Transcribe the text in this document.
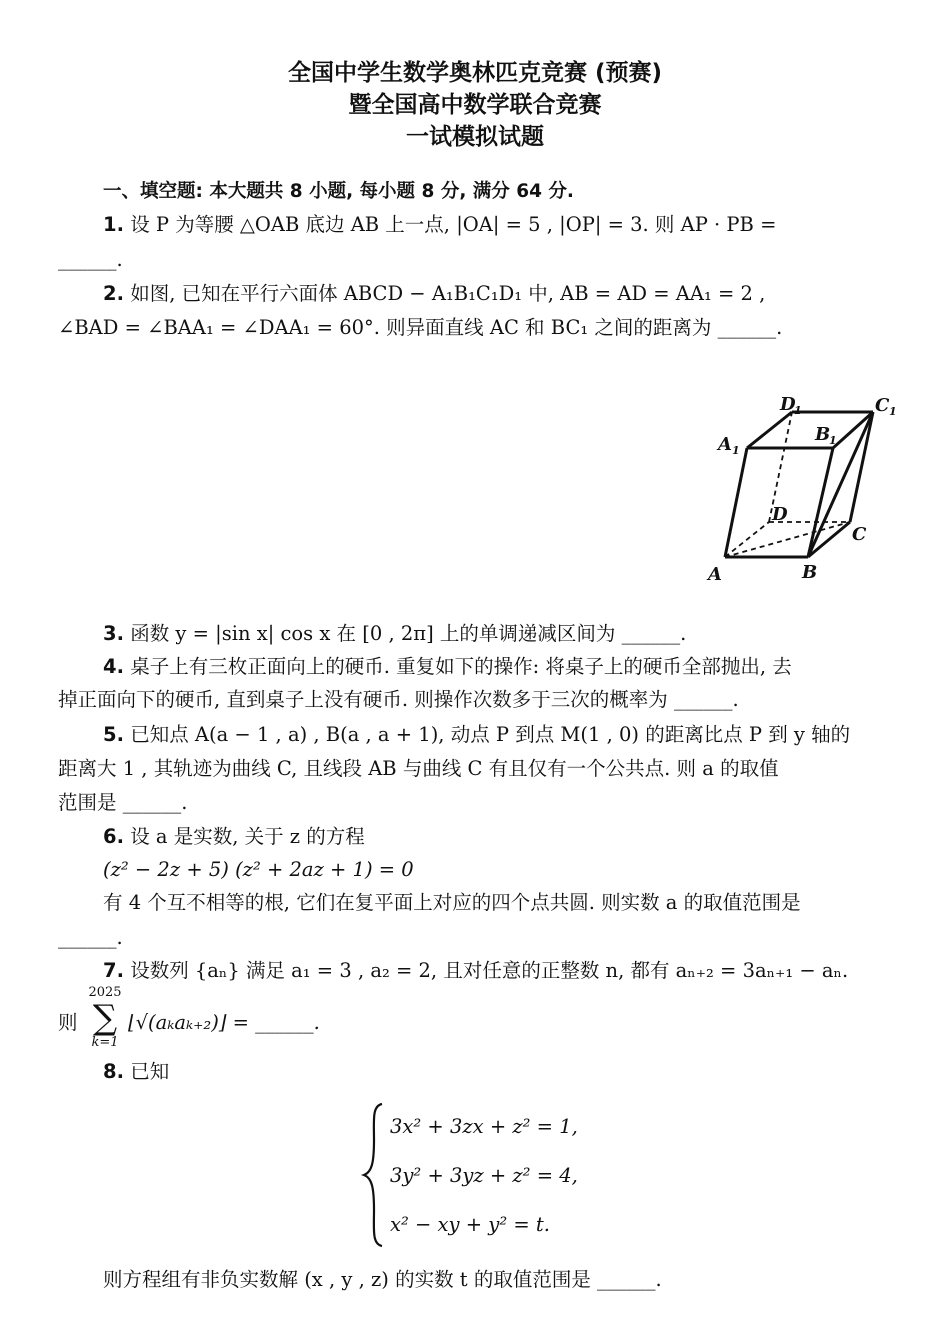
全国中学生数学奥林匹克竞赛 (预赛)
暨全国高中数学联合竞赛
一试模拟试题
一、填空题: 本大题共 8 小题, 每小题 8 分, 满分 64 分.
1. 设 P 为等腰 △OAB 底边 AB 上一点, |OA| = 5 , |OP| = 3. 则 AP · PB =
______.
2. 如图, 已知在平行六面体 ABCD − A₁B₁C₁D₁ 中, AB = AD = AA₁ = 2 ,
∠BAD = ∠BAA₁ = ∠DAA₁ = 60°. 则异面直线 AC 和 BC₁ 之间的距离为 ______.
A	B
C
D
A 1
B
1
C 1
D
1
3. 函数 y = |sin x| cos x 在 [0 , 2π] 上的单调递减区间为 ______.
4. 桌子上有三枚正面向上的硬币. 重复如下的操作: 将桌子上的硬币全部抛出, 去
掉正面向下的硬币, 直到桌子上没有硬币. 则操作次数多于三次的概率为 ______.
5. 已知点 A(a − 1 , a) , B(a , a + 1), 动点 P 到点 M(1 , 0) 的距离比点 P 到 y 轴的
距离大 1 , 其轨迹为曲线 C, 且线段 AB 与曲线 C 有且仅有一个公共点. 则 a 的取值
范围是 ______.
6. 设 a 是实数, 关于 z 的方程
(z² − 2z + 5) (z² + 2az + 1) = 0
有 4 个互不相等的根, 它们在复平面上对应的四个点共圆. 则实数 a 的取值范围是
______.
7. 设数列 {aₙ} 满足 a₁ = 3 , a₂ = 2, 且对任意的正整数 n, 都有 aₙ₊₂ = 3aₙ₊₁ − aₙ.
则
2025
∑
k=1
⌊√(aₖaₖ₊₂)⌋ = ______.
8. 已知
3x² + 3zx + z² = 1,
3y² + 3yz + z² = 4,
x² − xy + y² = t.
则方程组有非负实数解 (x , y , z) 的实数 t 的取值范围是 ______.
